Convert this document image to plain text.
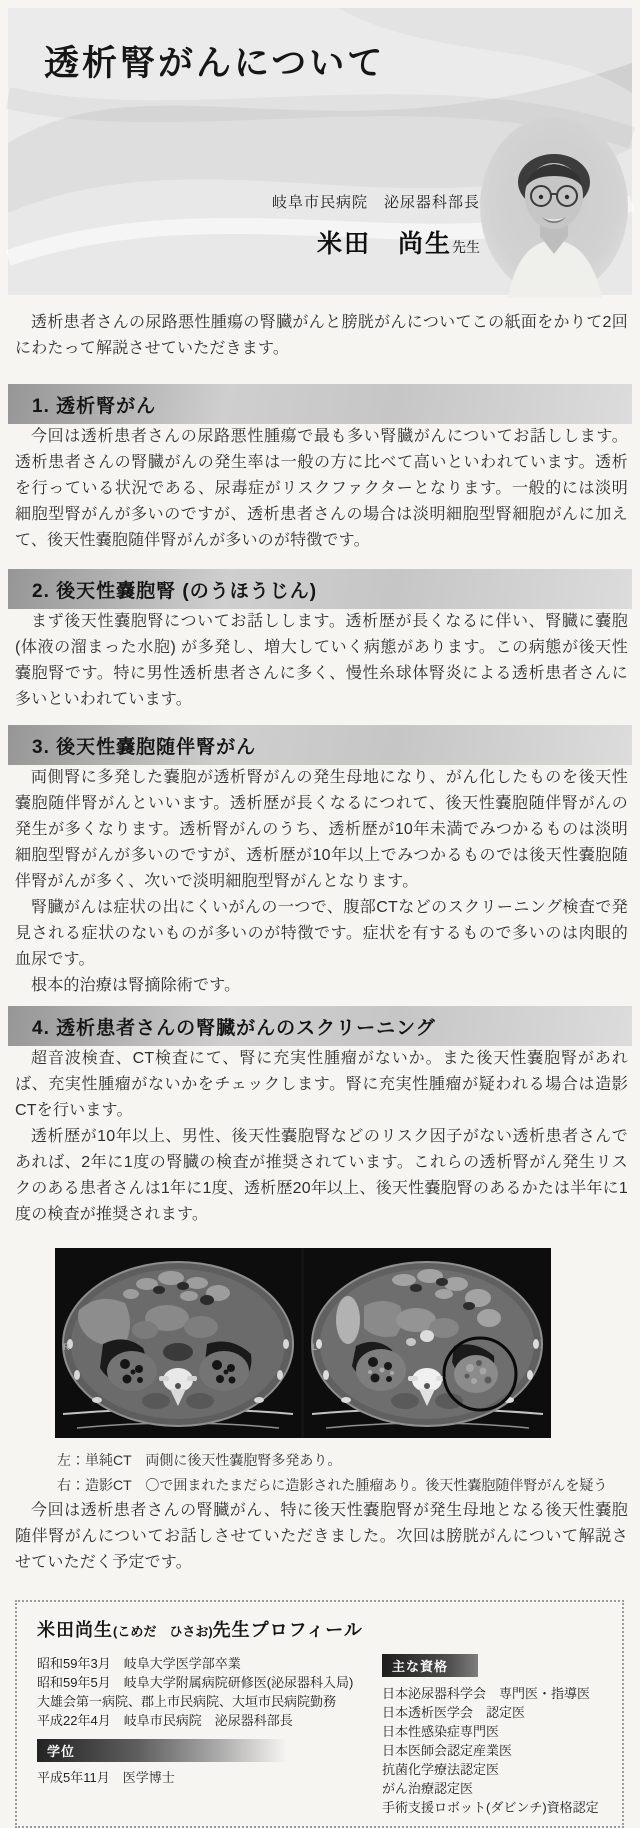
透析腎がんについて
岐阜市民病院　泌尿器科部長
米田　尚生先生

透析患者さんの尿路悪性腫瘍の腎臓がんと膀胱がんについてこの紙面をかりて2回にわたって解説させていただきます。

1. 透析腎がん

今回は透析患者さんの尿路悪性腫瘍で最も多い腎臓がんについてお話しします。透析患者さんの腎臓がんの発生率は一般の方に比べて高いといわれています。透析を行っている状況である、尿毒症がリスクファクターとなります。一般的には淡明細胞型腎がんが多いのですが、透析患者さんの場合は淡明細胞型腎細胞がんに加えて、後天性嚢胞随伴腎がんが多いのが特徴です。

2. 後天性嚢胞腎 (のうほうじん)

まず後天性嚢胞腎についてお話しします。透析歴が長くなるに伴い、腎臓に嚢胞 (体液の溜まった水胞) が多発し、増大していく病態があります。この病態が後天性嚢胞腎です。特に男性透析患者さんに多く、慢性糸球体腎炎による透析患者さんに多いといわれています。

3. 後天性嚢胞随伴腎がん

両側腎に多発した嚢胞が透析腎がんの発生母地になり、がん化したものを後天性嚢胞随伴腎がんといいます。透析歴が長くなるにつれて、後天性嚢胞随伴腎がんの発生が多くなります。透析腎がんのうち、透析歴が10年未満でみつかるものは淡明細胞型腎がんが多いのですが、透析歴が10年以上でみつかるものでは後天性嚢胞随伴腎がんが多く、次いで淡明細胞型腎がんとなります。

腎臓がんは症状の出にくいがんの一つで、腹部CTなどのスクリーニング検査で発見される症状のないものが多いのが特徴です。症状を有するもので多いのは肉眼的血尿です。

根本的治療は腎摘除術です。

4. 透析患者さんの腎臓がんのスクリーニング

超音波検査、CT検査にて、腎に充実性腫瘤がないか。また後天性嚢胞腎があれば、充実性腫瘤がないかをチェックします。腎に充実性腫瘤が疑われる場合は造影CTを行います。

透析歴が10年以上、男性、後天性嚢胞腎などのリスク因子がない透析患者さんであれば、2年に1度の腎臓の検査が推奨されています。これらの透析腎がん発生リスクのある患者さんは1年に1度、透析歴20年以上、後天性嚢胞腎のあるかたは半年に1度の検査が推奨されます。

R	L

左：単純CT　両側に後天性嚢胞腎多発あり。

右：造影CT　〇で囲まれたまだらに造影された腫瘤あり。後天性嚢胞随伴腎がんを疑う

今回は透析患者さんの腎臓がん、特に後天性嚢胞腎が発生母地となる後天性嚢胞随伴腎がんについてお話しさせていただきました。次回は膀胱がんについて解説させていただく予定です。

米田尚生(こめだ　ひさお)先生プロフィール
昭和59年3月　岐阜大学医学部卒業
昭和59年5月　岐阜大学附属病院研修医(泌尿器科入局)
大雄会第一病院、郡上市民病院、大垣市民病院勤務
平成22年4月　岐阜市民病院　泌尿器科部長
学位
平成5年11月　医学博士
主な資格
日本泌尿器科学会　専門医・指導医
日本透析医学会　認定医
日本性感染症専門医
日本医師会認定産業医
抗菌化学療法認定医
がん治療認定医
手術支援ロボット(ダビンチ)資格認定
